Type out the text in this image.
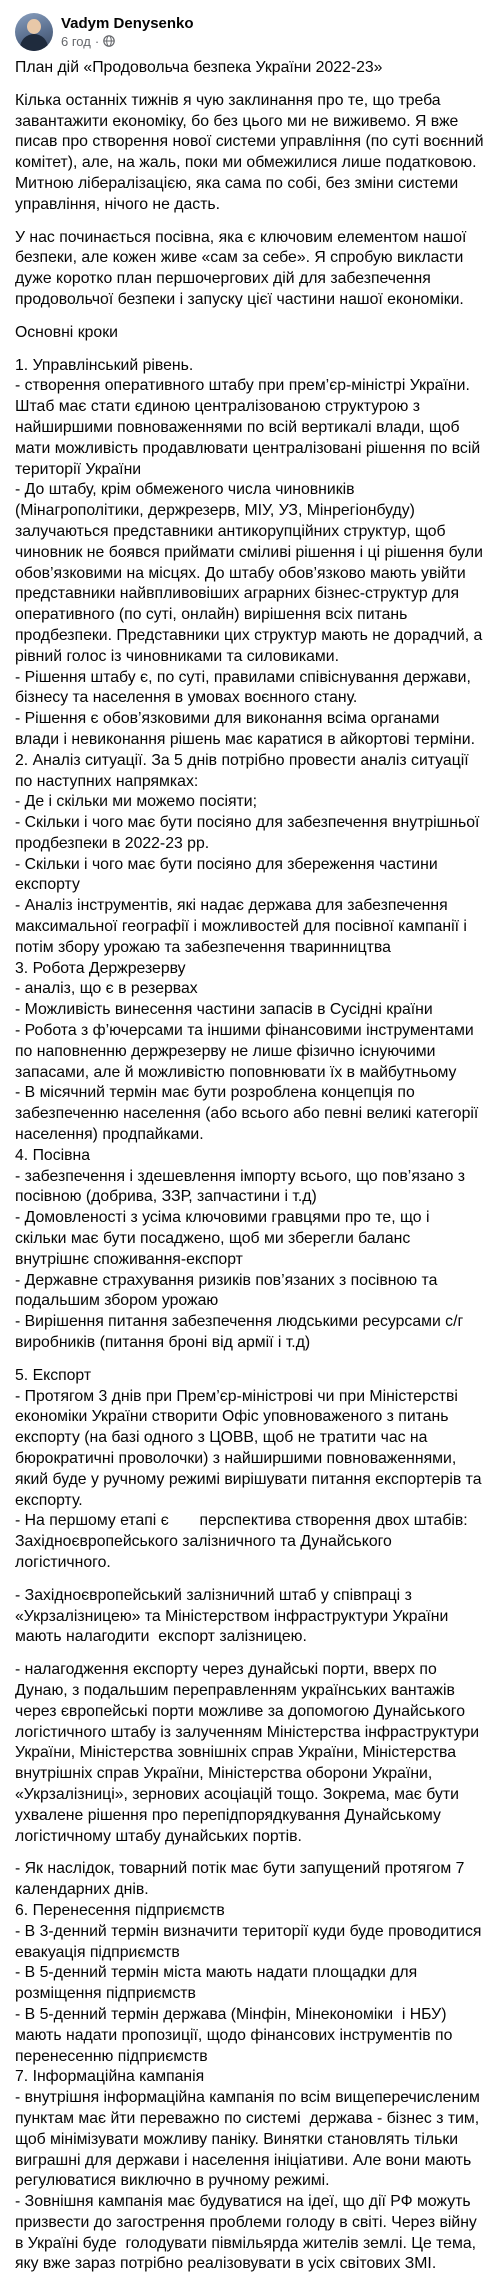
Vadym Denysenko
6 год ·

План дій «Продовольча безпека України 2022-23»

Кілька останніх тижнів я чую заклинання про те, що треба завантажити економіку, бо без цього ми не виживемо. Я вже писав про створення нової системи управління (по суті воєнний комітет), але, на жаль, поки ми обмежилися лише податковою. Митною лібералізацією, яка сама по собі, без зміни системи управління, нічого не дасть.

У нас починається посівна, яка є ключовим елементом нашої безпеки, але кожен живе «сам за себе». Я спробую викласти дуже коротко план першочергових дій для забезпечення продовольчої безпеки і запуску цієї частини нашої економіки.

Основні кроки

1. Управлінський рівень.
- створення оперативного штабу при прем’єр-міністрі України. Штаб має стати єдиною централізованою структурою з найширшими повноваженнями по всій вертикалі влади, щоб мати можливість продавлювати централізовані рішення по всій території України
- До штабу, крім обмеженого числа чиновників (Мінагрополітики, держрезерв, МІУ, УЗ, Мінрегіонбуду) залучаються представники антикорупційних структур, щоб чиновник не боявся приймати сміливі рішення і ці рішення були обов’язковими на місцях. До штабу обов’язково мають увійти представники найвпливовіших аграрних бізнес-структур для оперативного (по суті, онлайн) вирішення всіх питань продбезпеки. Представники цих структур мають не дорадчий, а рівний голос із чиновниками та силовиками.
- Рішення штабу є, по суті, правилами співіснування держави, бізнесу та населення в умовах воєнного стану.
- Рішення є обов’язковими для виконання всіма органами влади і невиконання рішень має каратися в айкортові терміни.
2. Аналіз ситуації. За 5 днів потрібно провести аналіз ситуації по наступних напрямках:
- Де і скільки ми можемо посіяти;
- Скільки і чого має бути посіяно для забезпечення внутрішньої продбезпеки в 2022-23 рр.
- Скільки і чого має бути посіяно для збереження частини експорту
- Аналіз інструментів, які надає держава для забезпечення максимальної географії і можливостей для посівної кампанії і потім збору урожаю та забезпечення тваринництва
3. Робота Держрезерву
- аналіз, що є в резервах
- Можливість винесення частини запасів в Сусідні країни
- Робота з ф’ючерсами та іншими фінансовими інструментами по наповненню держрезерву не лише фізично існуючими запасами, але й можливістю поповнювати їх в майбутньому
- В місячний термін має бути розроблена концепція по забезпеченню населення (або всього або певні великі категорії населення) продпайками.
4. Посівна
- забезпечення і здешевлення імпорту всього, що пов’язано з посівною (добрива, ЗЗР, запчастини і т.д)
- Домовленості з усіма ключовими гравцями про те, що і скільки має бути посаджено, щоб ми зберегли баланс внутрішнє споживання-експорт
- Державне страхування ризиків пов’язаних з посівною та подальшим збором урожаю
- Вирішення питання забезпечення людськими ресурсами с/г виробників (питання броні від армії і т.д)
5. Експорт
- Протягом 3 днів при Прем’єр-міністрові чи при Міністерстві економіки України створити Офіс уповноваженого з питань експорту (на базі одного з ЦОВВ, щоб не тратити час на бюрократичні проволочки) з найширшими повноваженнями, який буде у ручному режимі вирішувати питання експортерів та експорту.
- На першому етапі є       перспектива створення двох штабів: Західноєвропейського залізничного та Дунайського логістичного.
- Західноєвропейський залізничний штаб у співпраці з «Укрзалізницею» та Міністерством інфраструктури України мають налагодити  експорт залізницею.
- налагодження експорту через дунайські порти, вверх по Дунаю, з подальшим переправленням українських вантажів через європейські порти можливе за допомогою Дунайського логістичного штабу із залученням Міністерства інфраструктури України, Міністерства зовнішніх справ України, Міністерства внутрішніх справ України, Міністерства оборони України, «Укрзалізниці», зернових асоціацій тощо. Зокрема, має бути ухвалене рішення про перепідпорядкування Дунайському логістичному штабу дунайських портів.
- Як наслідок, товарний потік має бути запущений протягом 7 календарних днів.
6. Перенесення підприємств
- В 3-денний термін визначити території куди буде проводитися евакуація підприємств
- В 5-денний термін міста мають надати площадки для розміщення підприємств
- В 5-денний термін держава (Мінфін, Мінекономіки  і НБУ) мають надати пропозиції, щодо фінансових інструментів по перенесенню підприємств
7. Інформаційна кампанія
- внутрішня інформаційна кампанія по всім вищеперечисленим пунктам має йти переважно по системі  держава - бізнес з тим, щоб мінімізувати можливу паніку. Винятки становлять тільки виграшні для держави і населення ініціативи. Але вони мають регулюватися виключно в ручному режимі.
- Зовнішня кампанія має будуватися на ідеї, що дії РФ можуть призвести до загострення проблеми голоду в світі. Через війну в Україні буде  голодувати півмільярда жителів землі. Це тема, яку вже зараз потрібно реалізовувати в усіх світових ЗМІ.
